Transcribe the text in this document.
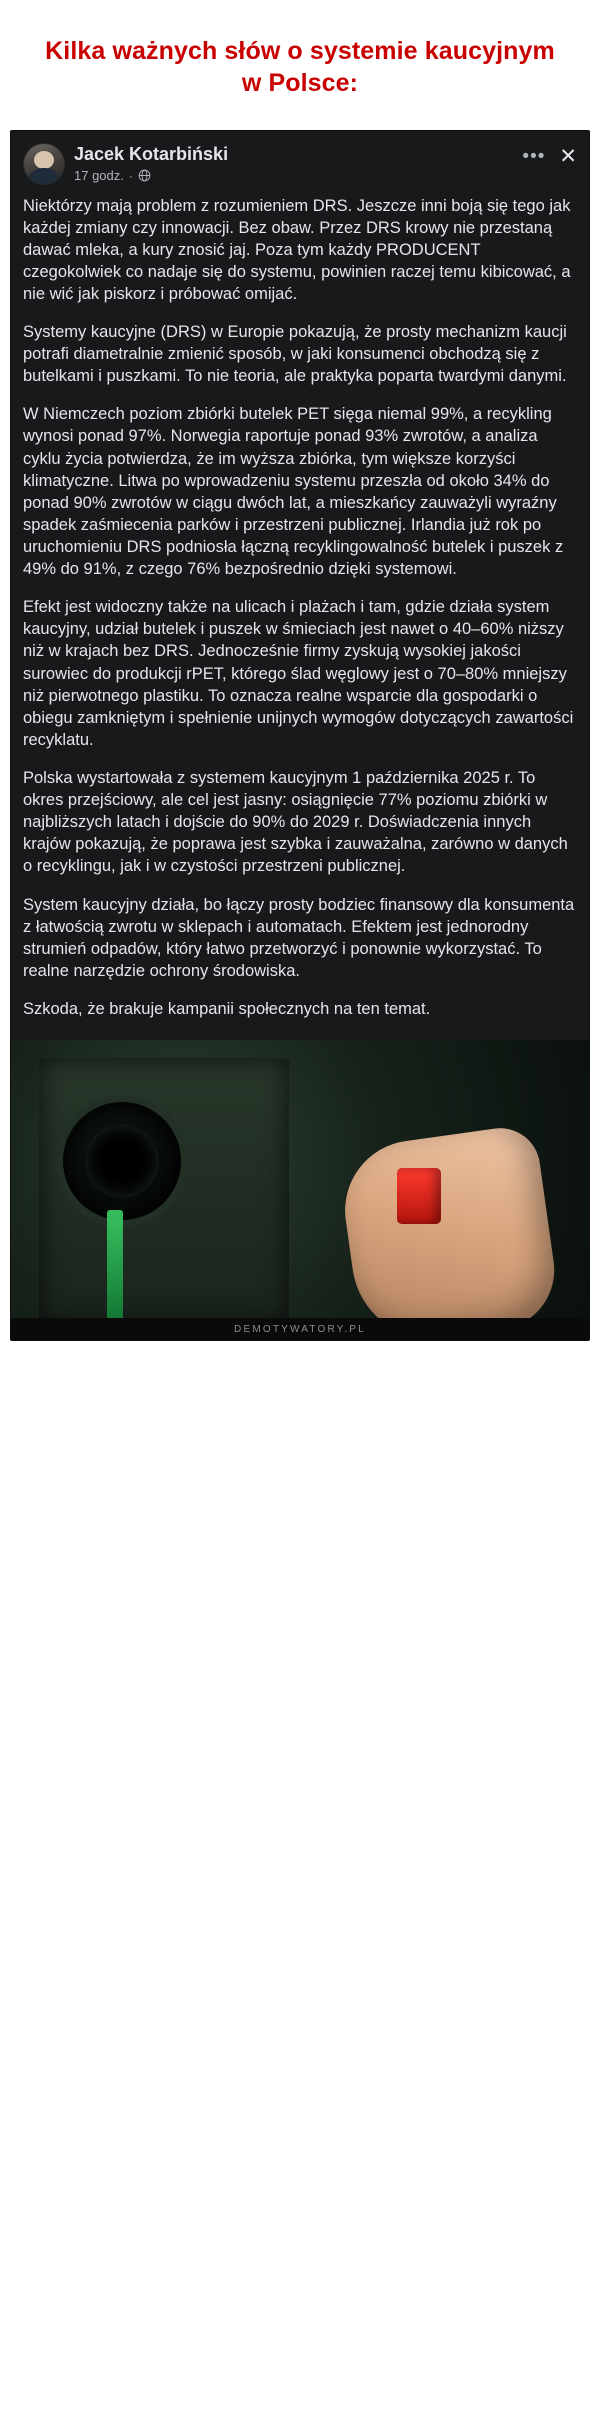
Kilka ważnych słów o systemie kaucyjnym w Polsce:
Jacek Kotarbiński
17 godz. ·
••• ✕

Niektórzy mają problem z rozumieniem DRS. Jeszcze inni boją się tego jak każdej zmiany czy innowacji. Bez obaw. Przez DRS krowy nie przestaną dawać mleka, a kury znosić jaj. Poza tym każdy PRODUCENT czegokolwiek co nadaje się do systemu, powinien raczej temu kibicować, a nie wić jak piskorz i próbować omijać.

Systemy kaucyjne (DRS) w Europie pokazują, że prosty mechanizm kaucji potrafi diametralnie zmienić sposób, w jaki konsumenci obchodzą się z butelkami i puszkami. To nie teoria, ale praktyka poparta twardymi danymi.

W Niemczech poziom zbiórki butelek PET sięga niemal 99%, a recykling wynosi ponad 97%. Norwegia raportuje ponad 93% zwrotów, a analiza cyklu życia potwierdza, że im wyższa zbiórka, tym większe korzyści klimatyczne. Litwa po wprowadzeniu systemu przeszła od około 34% do ponad 90% zwrotów w ciągu dwóch lat, a mieszkańcy zauważyli wyraźny spadek zaśmiecenia parków i przestrzeni publicznej. Irlandia już rok po uruchomieniu DRS podniosła łączną recyklingowalność butelek i puszek z 49% do 91%, z czego 76% bezpośrednio dzięki systemowi.

Efekt jest widoczny także na ulicach i plażach i tam, gdzie działa system kaucyjny, udział butelek i puszek w śmieciach jest nawet o 40–60% niższy niż w krajach bez DRS. Jednocześnie firmy zyskują wysokiej jakości surowiec do produkcji rPET, którego ślad węglowy jest o 70–80% mniejszy niż pierwotnego plastiku. To oznacza realne wsparcie dla gospodarki o obiegu zamkniętym i spełnienie unijnych wymogów dotyczących zawartości recyklatu.

Polska wystartowała z systemem kaucyjnym 1 października 2025 r. To okres przejściowy, ale cel jest jasny: osiągnięcie 77% poziomu zbiórki w najbliższych latach i dojście do 90% do 2029 r. Doświadczenia innych krajów pokazują, że poprawa jest szybka i zauważalna, zarówno w danych o recyklingu, jak i w czystości przestrzeni publicznej.

System kaucyjny działa, bo łączy prosty bodziec finansowy dla konsumenta z łatwością zwrotu w sklepach i automatach. Efektem jest jednorodny strumień odpadów, który łatwo przetworzyć i ponownie wykorzystać. To realne narzędzie ochrony środowiska.

Szkoda, że brakuje kampanii społecznych na ten temat.

DEMOTYWATORY.PL
